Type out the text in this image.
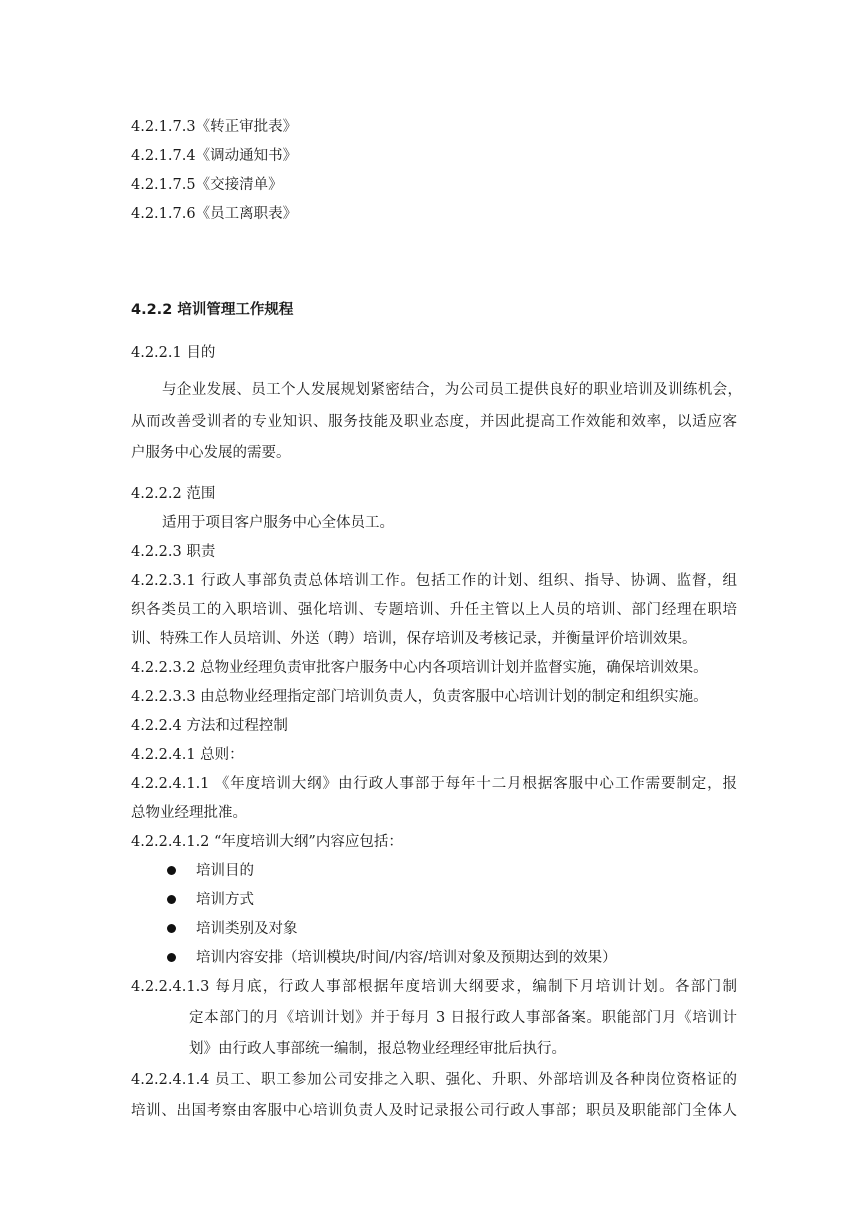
4.2.1.7.3《转正审批表》
4.2.1.7.4《调动通知书》
4.2.1.7.5《交接清单》
4.2.1.7.6《员工离职表》
4.2.2 培训管理工作规程
4.2.2.1 目的
与企业发展、员工个人发展规划紧密结合，为公司员工提供良好的职业培训及训练机会，
从而改善受训者的专业知识、服务技能及职业态度，并因此提高工作效能和效率，以适应客
户服务中心发展的需要。
4.2.2.2 范围
适用于项目客户服务中心全体员工。
4.2.2.3 职责
4.2.2.3.1 行政人事部负责总体培训工作。包括工作的计划、组织、指导、协调、监督，组
织各类员工的入职培训、强化培训、专题培训、升任主管以上人员的培训、部门经理在职培
训、特殊工作人员培训、外送（聘）培训，保存培训及考核记录，并衡量评价培训效果。
4.2.2.3.2 总物业经理负责审批客户服务中心内各项培训计划并监督实施，确保培训效果。
4.2.2.3.3 由总物业经理指定部门培训负责人，负责客服中心培训计划的制定和组织实施。
4.2.2.4 方法和过程控制
4.2.2.4.1 总则：
4.2.2.4.1.1 《年度培训大纲》由行政人事部于每年十二月根据客服中心工作需要制定，报
总物业经理批准。
4.2.2.4.1.2 “年度培训大纲”内容应包括：
培训目的
培训方式
培训类别及对象
培训内容安排（培训模块/时间/内容/培训对象及预期达到的效果）
4.2.2.4.1.3 每月底，行政人事部根据年度培训大纲要求，编制下月培训计划。各部门制
定本部门的月《培训计划》并于每月 3 日报行政人事部备案。职能部门月《培训计
划》由行政人事部统一编制，报总物业经理经审批后执行。
4.2.2.4.1.4 员工、职工参加公司安排之入职、强化、升职、外部培训及各种岗位资格证的
培训、出国考察由客服中心培训负责人及时记录报公司行政人事部；职员及职能部门全体人
